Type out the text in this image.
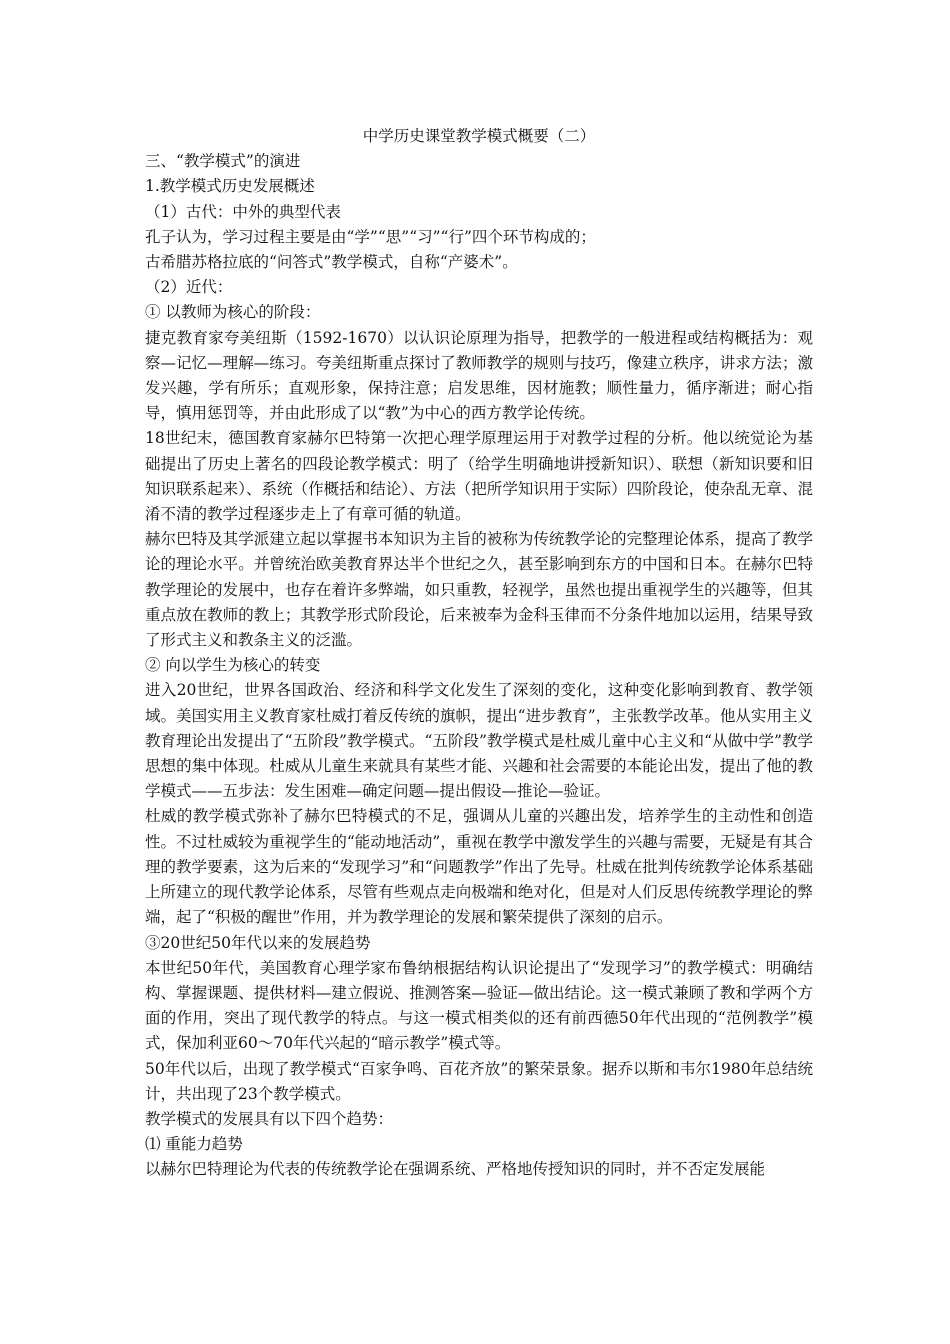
中学历史课堂教学模式概要（二）

三、“教学模式”的演进

1.教学模式历史发展概述

（1）古代：中外的典型代表

孔子认为，学习过程主要是由“学”“思”“习”“行”四个环节构成的；

古希腊苏格拉底的“问答式”教学模式，自称“产婆术”。

（2）近代：

① 以教师为核心的阶段：

捷克教育家夸美纽斯（1592-1670）以认识论原理为指导，把教学的一般进程或结构概括为：观察—记忆—理解—练习。夸美纽斯重点探讨了教师教学的规则与技巧，像建立秩序，讲求方法；激发兴趣，学有所乐；直观形象，保持注意；启发思维，因材施教；顺性量力，循序渐进；耐心指导，慎用惩罚等，并由此形成了以“教”为中心的西方教学论传统。

18世纪末，德国教育家赫尔巴特第一次把心理学原理运用于对教学过程的分析。他以统觉论为基础提出了历史上著名的四段论教学模式：明了（给学生明确地讲授新知识）、联想（新知识要和旧知识联系起来）、系统（作概括和结论）、方法（把所学知识用于实际）四阶段论，使杂乱无章、混淆不清的教学过程逐步走上了有章可循的轨道。

赫尔巴特及其学派建立起以掌握书本知识为主旨的被称为传统教学论的完整理论体系，提高了教学论的理论水平。并曾统治欧美教育界达半个世纪之久，甚至影响到东方的中国和日本。在赫尔巴特教学理论的发展中，也存在着许多弊端，如只重教，轻视学，虽然也提出重视学生的兴趣等，但其重点放在教师的教上；其教学形式阶段论，后来被奉为金科玉律而不分条件地加以运用，结果导致了形式主义和教条主义的泛滥。

② 向以学生为核心的转变

进入20世纪，世界各国政治、经济和科学文化发生了深刻的变化，这种变化影响到教育、教学领域。美国实用主义教育家杜威打着反传统的旗帜，提出“进步教育”，主张教学改革。他从实用主义教育理论出发提出了“五阶段”教学模式。“五阶段”教学模式是杜威儿童中心主义和“从做中学”教学思想的集中体现。杜威从儿童生来就具有某些才能、兴趣和社会需要的本能论出发，提出了他的教学模式——五步法：发生困难—确定问题—提出假设—推论—验证。

杜威的教学模式弥补了赫尔巴特模式的不足，强调从儿童的兴趣出发，培养学生的主动性和创造性。不过杜威较为重视学生的“能动地活动”，重视在教学中激发学生的兴趣与需要，无疑是有其合理的教学要素，这为后来的“发现学习”和“问题教学”作出了先导。杜威在批判传统教学论体系基础上所建立的现代教学论体系，尽管有些观点走向极端和绝对化，但是对人们反思传统教学理论的弊端，起了“积极的醒世”作用，并为教学理论的发展和繁荣提供了深刻的启示。

③20世纪50年代以来的发展趋势

本世纪50年代，美国教育心理学家布鲁纳根据结构认识论提出了“发现学习”的教学模式：明确结构、掌握课题、提供材料—建立假说、推测答案—验证—做出结论。这一模式兼顾了教和学两个方面的作用，突出了现代教学的特点。与这一模式相类似的还有前西德50年代出现的“范例教学”模式，保加利亚60～70年代兴起的“暗示教学”模式等。

50年代以后，出现了教学模式“百家争鸣、百花齐放”的繁荣景象。据乔以斯和韦尔1980年总结统计，共出现了23个教学模式。

教学模式的发展具有以下四个趋势：

⑴ 重能力趋势

以赫尔巴特理论为代表的传统教学论在强调系统、严格地传授知识的同时，并不否定发展能
